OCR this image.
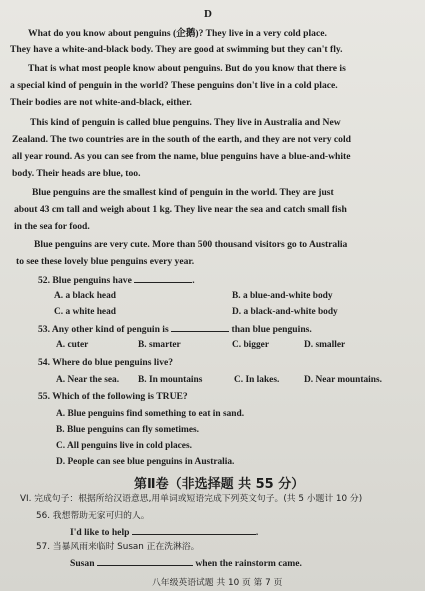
D
What do you know about penguins (企鹅)? They live in a very cold place.
They have a white-and-black body. They are good at swimming but they can't fly.
That is what most people know about penguins. But do you know that there is
a special kind of penguin in the world? These penguins don't live in a cold place.
Their bodies are not white-and-black, either.
This kind of penguin is called blue penguins. They live in Australia and New
Zealand. The two countries are in the south of the earth, and they are not very cold
all year round. As you can see from the name, blue penguins have a blue-and-white
body. Their heads are blue, too.
Blue penguins are the smallest kind of penguin in the world. They are just
about 43 cm tall and weigh about 1 kg. They live near the sea and catch small fish
in the sea for food.
Blue penguins are very cute. More than 500 thousand visitors go to Australia
to see these lovely blue penguins every year.
52. Blue penguins have	.
A. a black head	B. a blue-and-white body
C. a white head	D. a black-and-white body
53. Any other kind of penguin is	than blue penguins.
A. cuter	B. smarter	C. bigger	D. smaller
54. Where do blue penguins live?
A. Near the sea. B. In mountains	C. In lakes.	D. Near mountains.
55. Which of the following is TRUE?
A. Blue penguins find something to eat in sand.
B. Blue penguins can fly sometimes.
C. All penguins live in cold places.
D. People can see blue penguins in Australia.
第Ⅱ卷（非选择题 共 55 分）
VI. 完成句子：根据所给汉语意思,用单词或短语完成下列英文句子。(共 5 小题计 10 分)
56. 我想帮助无家可归的人。
I'd like to help	.
57. 当暴风雨来临时 Susan 正在洗淋浴。
Susan	when the rainstorm came.
八年级英语试题 共 10 页 第 7 页
